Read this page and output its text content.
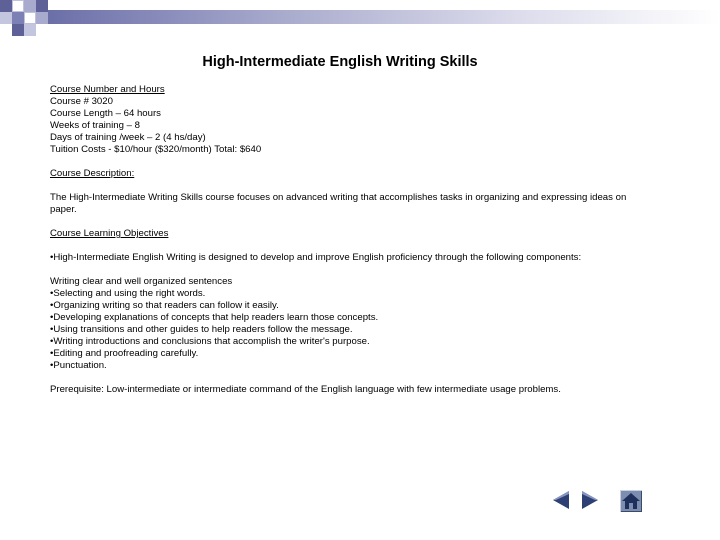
High-Intermediate English Writing Skills
Course Number and Hours
Course # 3020
Course Length – 64 hours
Weeks of training – 8
Days of training /week – 2 (4 hs/day)
Tuition Costs - $10/hour ($320/month) Total: $640
Course Description:
The High-Intermediate Writing Skills course focuses on advanced writing that accomplishes tasks in organizing and expressing ideas on paper.
Course Learning Objectives
•High-Intermediate English Writing is designed to develop and improve English proficiency through the following components:
Writing clear and well organized sentences
•Selecting and using the right words.
•Organizing writing so that readers can follow it easily.
•Developing explanations of concepts that help readers learn those concepts.
•Using transitions and other guides to help readers follow the message.
•Writing introductions and conclusions that accomplish the writer's purpose.
•Editing and proofreading carefully.
•Punctuation.
Prerequisite: Low-intermediate or intermediate command of the English language with few intermediate usage problems.
